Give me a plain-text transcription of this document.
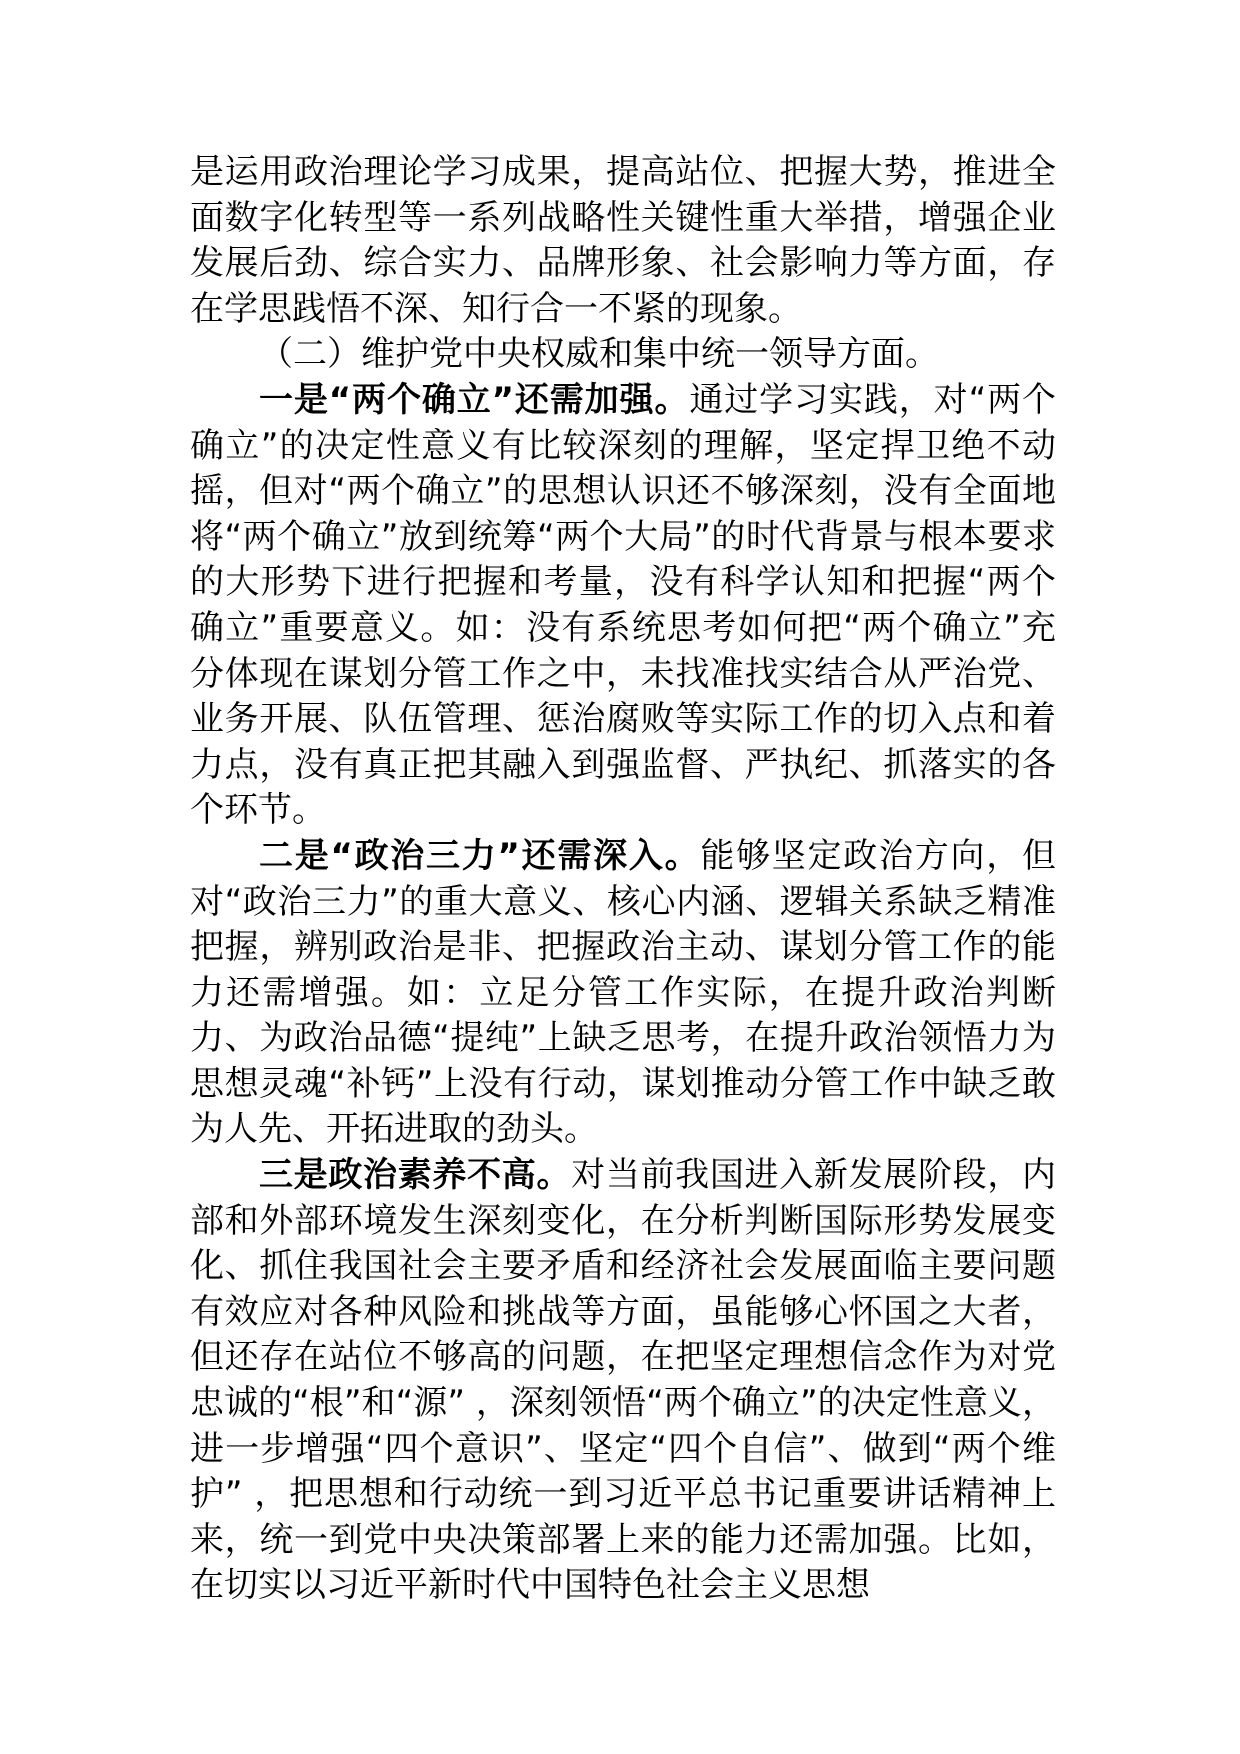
是运用政治理论学习成果，提高站位、把握大势，推进全面数字化转型等一系列战略性关键性重大举措，增强企业发展后劲、综合实力、品牌形象、社会影响力等方面，存在学思践悟不深、知行合一不紧的现象。

（二）维护党中央权威和集中统一领导方面。

一是“两个确立”还需加强。通过学习实践，对“两个确立”的决定性意义有比较深刻的理解，坚定捍卫绝不动摇，但对“两个确立”的思想认识还不够深刻，没有全面地将“两个确立”放到统筹“两个大局”的时代背景与根本要求的大形势下进行把握和考量，没有科学认知和把握“两个确立”重要意义。如：没有系统思考如何把“两个确立”充分体现在谋划分管工作之中，未找准找实结合从严治党、业务开展、队伍管理、惩治腐败等实际工作的切入点和着力点，没有真正把其融入到强监督、严执纪、抓落实的各个环节。

二是“政治三力”还需深入。能够坚定政治方向，但对“政治三力”的重大意义、核心内涵、逻辑关系缺乏精准把握，辨别政治是非、把握政治主动、谋划分管工作的能力还需增强。如：立足分管工作实际，在提升政治判断力、为政治品德“提纯”上缺乏思考，在提升政治领悟力为思想灵魂“补钙”上没有行动，谋划推动分管工作中缺乏敢为人先、开拓进取的劲头。

三是政治素养不高。对当前我国进入新发展阶段，内部和外部环境发生深刻变化，在分析判断国际形势发展变化、抓住我国社会主要矛盾和经济社会发展面临主要问题有效应对各种风险和挑战等方面，虽能够心怀国之大者，但还存在站位不够高的问题，在把坚定理想信念作为对党忠诚的“根”和“源” ，深刻领悟“两个确立”的决定性意义，进一步增强“四个意识”、坚定“四个自信”、做到“两个维护” ，把思想和行动统一到习近平总书记重要讲话精神上来，统一到党中央决策部署上来的能力还需加强。比如，在切实以习近平新时代中国特色社会主义思想
